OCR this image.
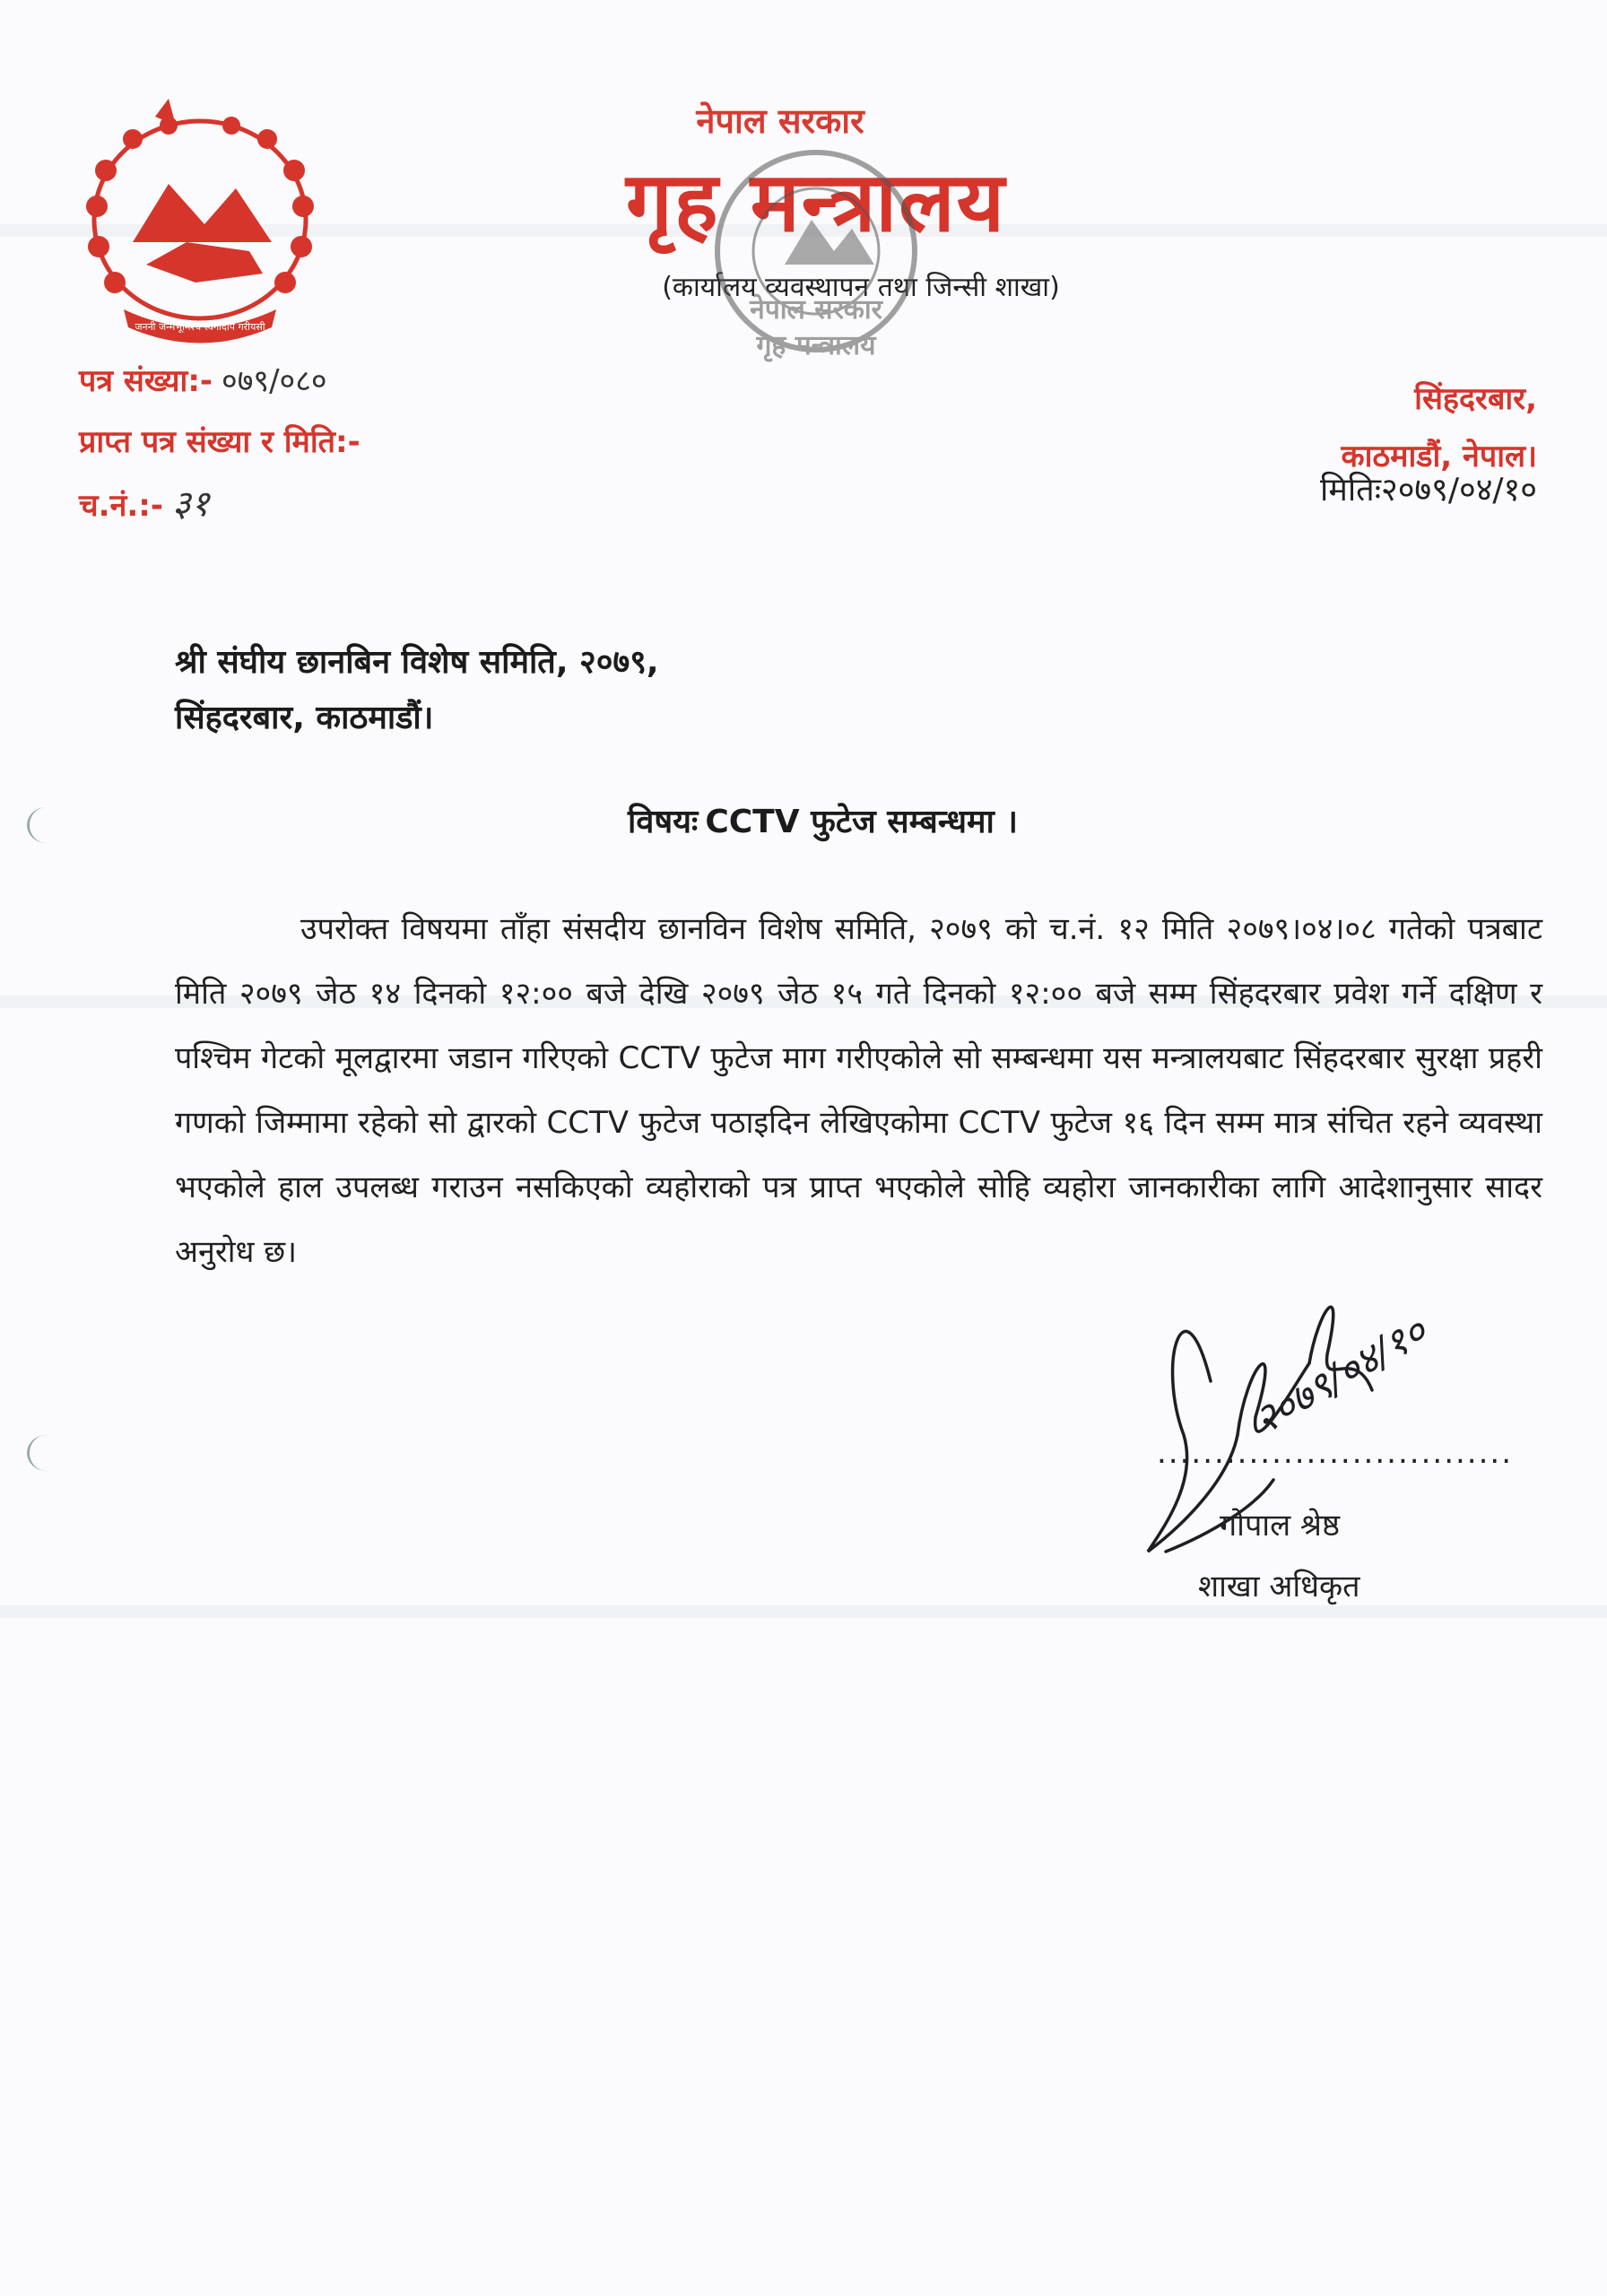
जननी जन्मभूमिश्च स्वर्गादपि गरीयसी
नेपाल सरकार
गृह मन्त्रालय
(कार्यालय व्यवस्थापन तथा जिन्सी शाखा)
नेपाल सरकार
गृह मन्त्रालय
पत्र संख्या:- ०७९/०८०
प्राप्त पत्र संख्या र मिति:-
च.नं.:- ३१
सिंहदरबार,
काठमाडौं, नेपाल।
मितिः२०७९/०४/१०
श्री संघीय छानबिन विशेष समिति, २०७९,
सिंहदरबार, काठमाडौं।
विषयः CCTV फुटेज सम्बन्धमा ।
उपरोक्त विषयमा ताँहा संसदीय छानविन विशेष समिति, २०७९ को च.नं. १२ मिति २०७९।०४।०८ गतेको पत्रबाट मिति २०७९ जेठ १४ दिनको १२:०० बजे देखि २०७९ जेठ १५ गते दिनको १२:०० बजे सम्म सिंहदरबार प्रवेश गर्ने दक्षिण र पश्चिम गेटको मूलद्वारमा जडान गरिएको CCTV फुटेज माग गरीएकोले सो सम्बन्धमा यस मन्त्रालयबाट सिंहदरबार सुरक्षा प्रहरी गणको जिम्मामा रहेको सो द्वारको CCTV फुटेज पठाइदिन लेखिएकोमा CCTV फुटेज १६ दिन सम्म मात्र संचित रहने व्यवस्था भएकोले हाल उपलब्ध गराउन नसकिएको व्यहोराको पत्र प्राप्त भएकोले सोहि व्यहोरा जानकारीका लागि आदेशानुसार सादर अनुरोध छ।
२०७९/०४/१०
...............................
गोपाल श्रेष्ठ
शाखा अधिकृत
